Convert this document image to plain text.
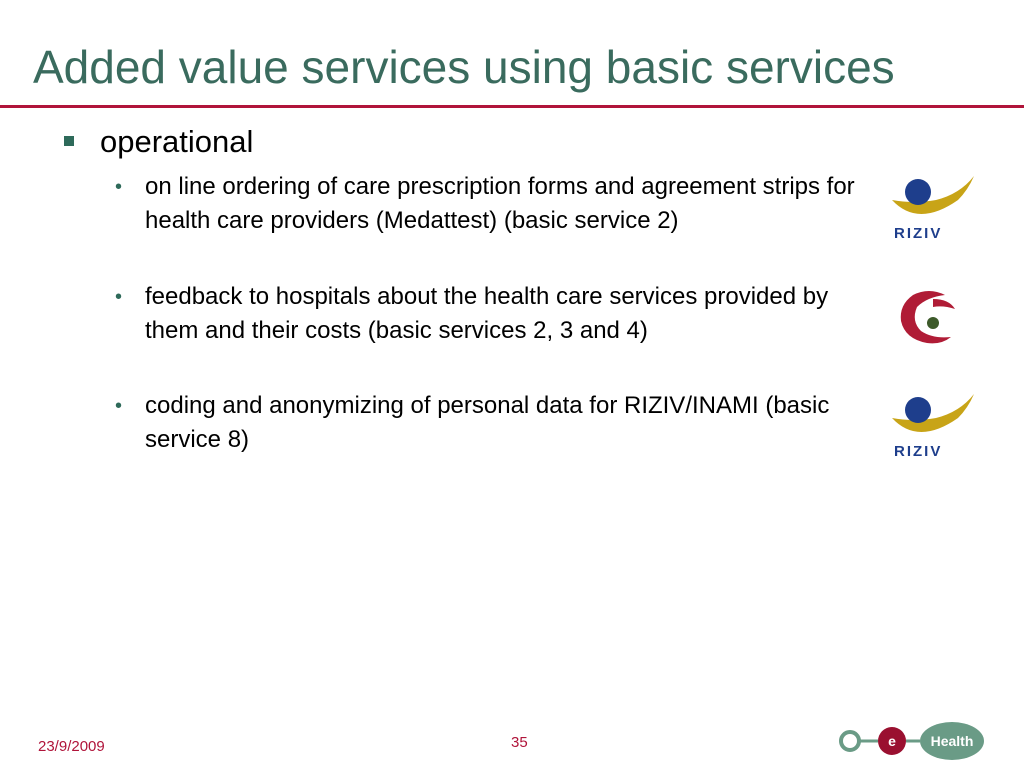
Added value services using basic services
operational
• on line ordering of care prescription forms and agreement strips for health care providers (Medattest) (basic service 2)
• feedback to hospitals about the health care services provided by them and their costs (basic services 2, 3 and 4)
• coding and anonymizing of personal data for RIZIV/INAMI (basic service 8)
RIZIV
RIZIV
23/9/2009	35	e Health
